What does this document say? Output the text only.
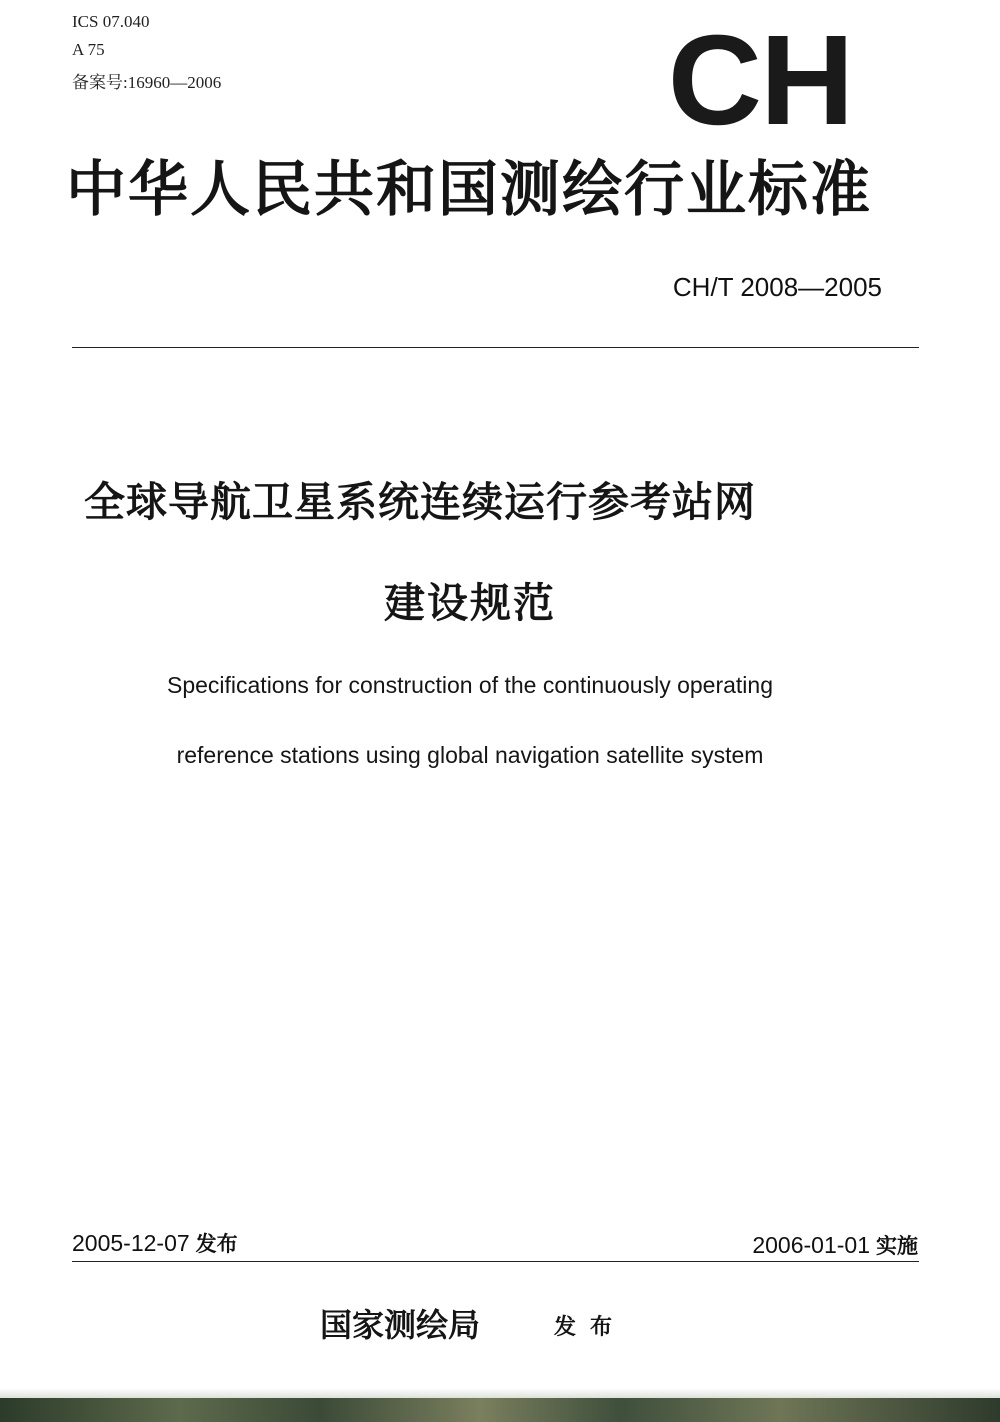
ICS 07.040
A 75
备案号:16960—2006	CH
中华人民共和国测绘行业标准
CH/T 2008—2005
全球导航卫星系统连续运行参考站网
建设规范
Specifications for construction of the continuously operating
reference stations using global navigation satellite system
2005-12-07 发布	2006-01-01 实施
国家测绘局	发布
